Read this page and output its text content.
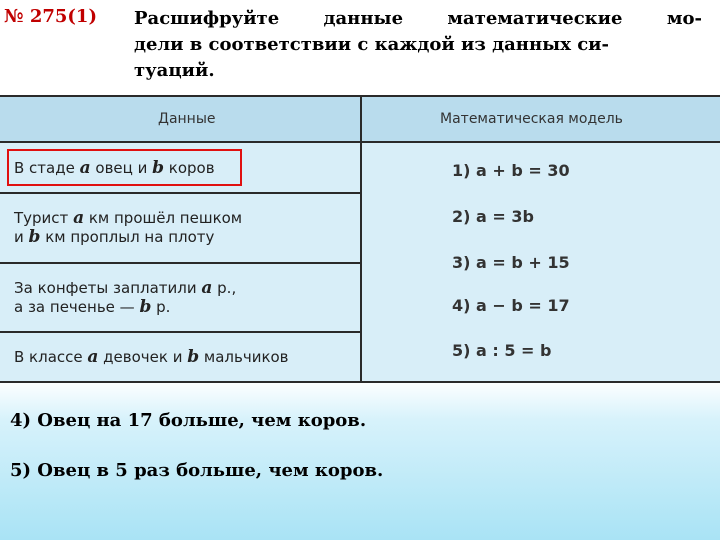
№ 275(1) Расшифруйте данные математические мо-
дели в соответствии с каждой из данных си-
туаций.
Данные	Математическая модель
В стаде a овец и b коров
Турист a км прошёл пешком
и b км проплыл на плоту
За конфеты заплатили a р.,
а за печенье — b р.
В классе a девочек и b мальчиков
1) a + b = 30
2) a = 3b
3) a = b + 15
4) a − b = 17
5) a : 5 = b
4) Овец на 17 больше, чем коров.
5) Овец в 5 раз больше, чем коров.
